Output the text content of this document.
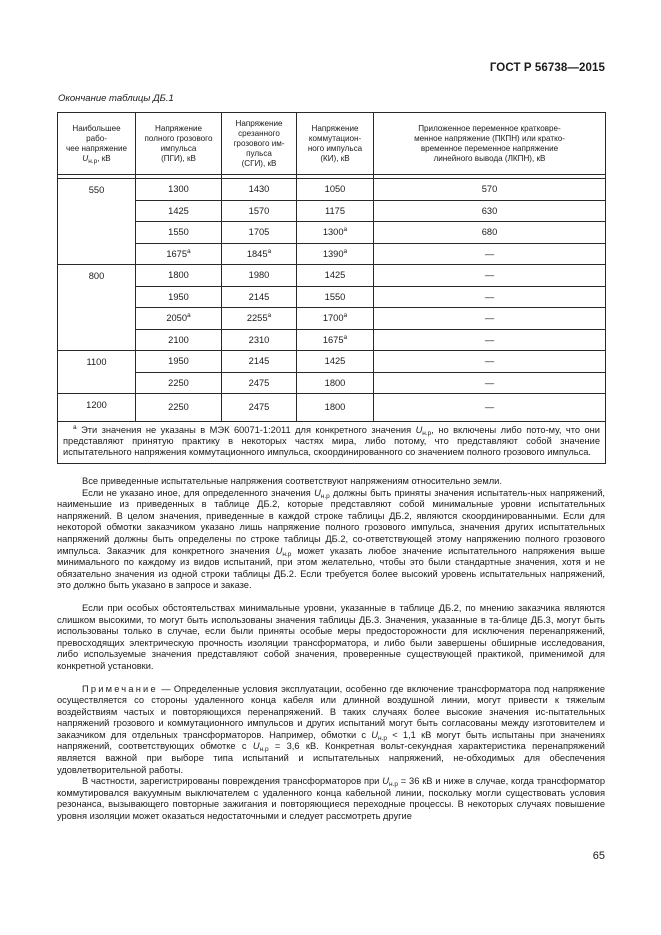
ГОСТ Р 56738—2015
Окончание таблицы ДБ.1
Наибольшее рабо-
чее напряжение
$U_{н.р}$, кВ	Напряжение
полного грозового
импульса
(ПГИ), кВ	Напряжение
срезанного
грозового им-
пульса
(СГИ), кВ	Напряжение
коммутацион-
ного импульса
(КИ), кВ	Приложенное переменное кратковре-
менное напряжение (ПКПН) или кратко-
временное переменное напряжение
линейного вывода (ЛКПН), кВ

550	1300	1430	1050	570
	1425	1570	1175	630
	1550	1705	1300$^a$	680
	1675$^a$	1845$^a$	1390$^a$	—
800	1800	1980	1425	—
	1950	2145	1550	—
	2050$^a$	2255$^a$	1700$^a$	—
	2100	2310	1675$^a$	—
1100	1950	2145	1425	—
	2250	2475	1800	—
1200	2250	2475	1800	—
$^a$ Эти значения не указаны в МЭК 60071-1:2011 для конкретного значения $U_{н.р}$, но включены либо пото-му, что они представляют принятую практику в некоторых частях мира, либо потому, что представляют собой значение испытательного напряжения коммутационного импульса, скоординированного со значением полного грозового импульса.				

Все приведенные испытательные напряжения соответствуют напряжениям относительно земли.

Если не указано иное, для определенного значения $U_{н.р}$ должны быть приняты значения испытатель-ных напряжений, наименьшие из приведенных в таблице ДБ.2, которые представляют собой минимальные уровни испытательных напряжений. В целом значения, приведенные в каждой строке таблицы ДБ.2, являются скоординированными. Если для некоторой обмотки заказчиком указано лишь напряжение полного грозового импульса, значения других испытательных напряжений должны быть определены по строке таблицы ДБ.2, со-ответствующей этому напряжению полного грозового импульса. Заказчик для конкретного значения $U_{н.р}$ может указать любое значение испытательного напряжения выше минимального по каждому из видов испытаний, при этом желательно, чтобы это были стандартные значения, хотя и не обязательно значения из одной строки таблицы ДБ.2. Если требуется более высокий уровень испытательных напряжений, это должно быть указано в запросе и заказе.

Если при особых обстоятельствах минимальные уровни, указанные в таблице ДБ.2, по мнению заказчика являются слишком высокими, то могут быть использованы значения таблицы ДБ.3. Значения, указанные в та-блице ДБ.3, могут быть использованы только в случае, если были приняты особые меры предосторожности для исключения перенапряжений, превосходящих электрическую прочность изоляции трансформатора, и либо были завершены обширные исследования, либо используемые значения представляют собой значения, проверенные существующей практикой, применимой для конкретной установки.

Примечание — Определенные условия эксплуатации, особенно где включение трансформатора под напряжение осуществляется со стороны удаленного конца кабеля или длинной воздушной линии, могут привести к тяжелым воздействиям частых и повторяющихся перенапряжений. В таких случаях более высокие значения ис-пытательных напряжений грозового и коммутационного импульсов и других испытаний могут быть согласованы между изготовителем и заказчиком для отдельных трансформаторов. Например, обмотки с $U_{н.р} < 1,1$ кВ могут быть испытаны при значениях напряжений, соответствующих обмотке с $U_{н.р} = 3,6$ кВ. Конкретная вольт-секундная характеристика перенапряжений является важной при выборе типа испытаний и испытательных напряжений, не-обходимых для обеспечения удовлетворительной работы.

В частности, зарегистрированы повреждения трансформаторов при $U_{н.р} = 36$ кВ и ниже в случае, когда трансформатор коммутировался вакуумным выключателем с удаленного конца кабельной линии, поскольку могли существовать условия резонанса, вызывающего повторные зажигания и повторяющиеся переходные процессы. В некоторых случаях повышение уровня изоляции может оказаться недостаточными и следует рассмотреть другие

65
